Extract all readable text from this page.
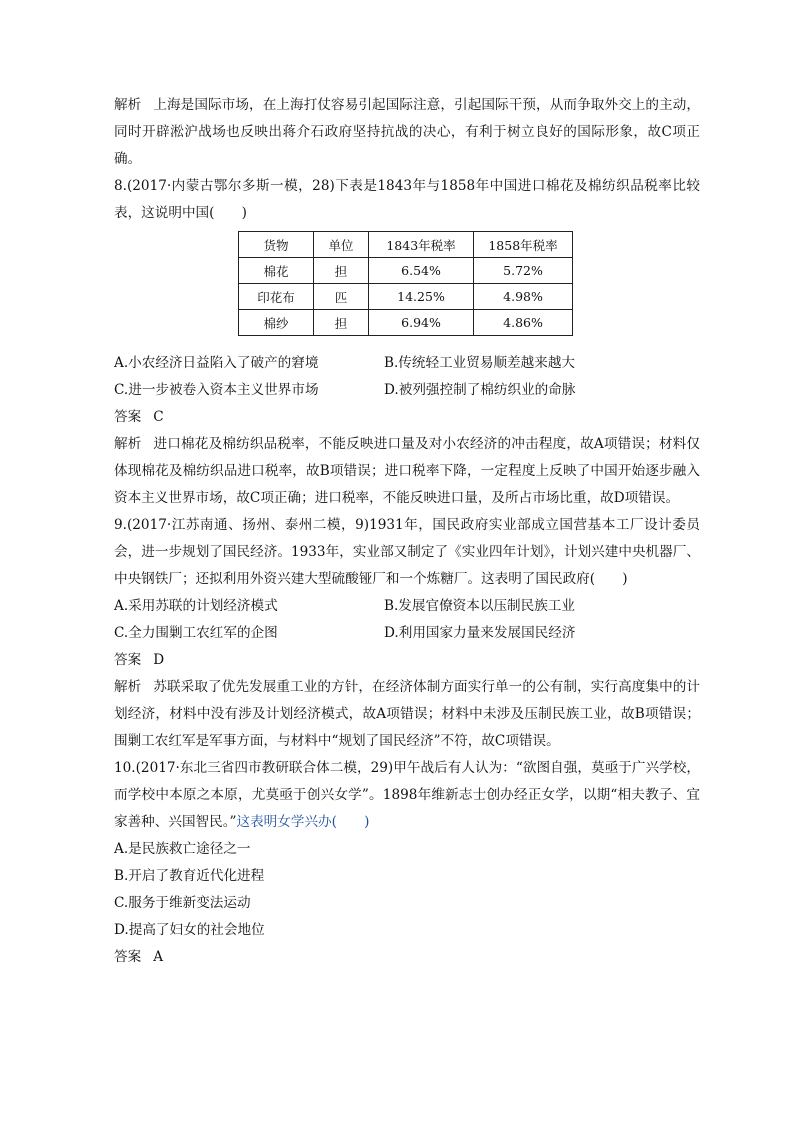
解析 上海是国际市场，在上海打仗容易引起国际注意，引起国际干预，从而争取外交上的主动，同时开辟淞沪战场也反映出蒋介石政府坚持抗战的决心，有利于树立良好的国际形象，故C项正确。

8.(2017·内蒙古鄂尔多斯一模，28)下表是1843年与1858年中国进口棉花及棉纺织品税率比较表，这说明中国(　　)

货物	单位	1843年税率	1858年税率
棉花	担	6.54%	5.72%
印花布	匹	14.25%	4.98%
棉纱	担	6.94%	4.86%
A.小农经济日益陷入了破产的窘境	B.传统轻工业贸易顺差越来越大
C.进一步被卷入资本主义世界市场	D.被列强控制了棉纺织业的命脉

答案 C

解析 进口棉花及棉纺织品税率，不能反映进口量及对小农经济的冲击程度，故A项错误；材料仅体现棉花及棉纺织品进口税率，故B项错误；进口税率下降，一定程度上反映了中国开始逐步融入资本主义世界市场，故C项正确；进口税率，不能反映进口量，及所占市场比重，故D项错误。

9.(2017·江苏南通、扬州、泰州二模，9)1931年，国民政府实业部成立国营基本工厂设计委员会，进一步规划了国民经济。1933年，实业部又制定了《实业四年计划》，计划兴建中央机器厂、中央钢铁厂；还拟利用外资兴建大型硫酸铔厂和一个炼糖厂。这表明了国民政府(　　)

A.采用苏联的计划经济模式	B.发展官僚资本以压制民族工业
C.全力围剿工农红军的企图	D.利用国家力量来发展国民经济

答案 D

解析 苏联采取了优先发展重工业的方针，在经济体制方面实行单一的公有制，实行高度集中的计划经济，材料中没有涉及计划经济模式，故A项错误；材料中未涉及压制民族工业，故B项错误；围剿工农红军是军事方面，与材料中“规划了国民经济”不符，故C项错误。

10.(2017·东北三省四市教研联合体二模，29)甲午战后有人认为：“欲图自强，莫亟于广兴学校，而学校中本原之本原，尤莫亟于创兴女学”。1898年维新志士创办经正女学，以期“相夫教子、宜家善种、兴国智民。”这表明女学兴办(　　)

A.是民族救亡途径之一

B.开启了教育近代化进程

C.服务于维新变法运动

D.提高了妇女的社会地位

答案 A
